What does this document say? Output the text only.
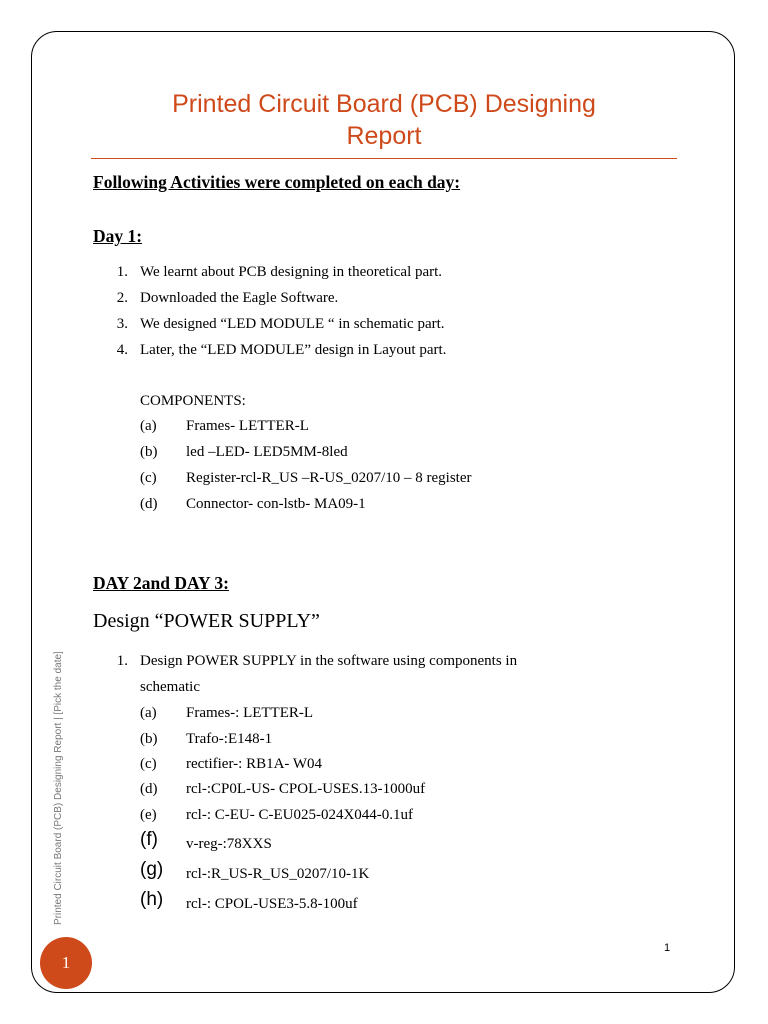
Printed Circuit Board (PCB) Designing
Report
Following Activities were completed on each day:
Day 1:
1. We learnt about PCB designing in theoretical part.
2. Downloaded the Eagle Software.
3. We designed “LED MODULE “ in schematic part.
4. Later, the “LED MODULE” design in Layout part.
COMPONENTS:
(a) Frames- LETTER-L
(b) led –LED- LED5MM-8led
(c) Register-rcl-R_US –R-US_0207/10 – 8 register
(d) Connector- con-lstb- MA09-1
DAY 2and DAY 3:
Design “POWER SUPPLY”
1. Design POWER SUPPLY in the software using components in
schematic
(a) Frames-: LETTER-L
(b) Trafo-:E148-1
(c) rectifier-: RB1A- W04
(d) rcl-:CP0L-US- CPOL-USES.13-1000uf
(e) rcl-: C-EU- C-EU025-024X044-0.1uf
(f) v-reg-:78XXS
(g) rcl-:R_US-R_US_0207/10-1K
(h) rcl-: CPOL-USE3-5.8-100uf
Printed Circuit Board (PCB) Designing Report | [Pick the date]
1
1
